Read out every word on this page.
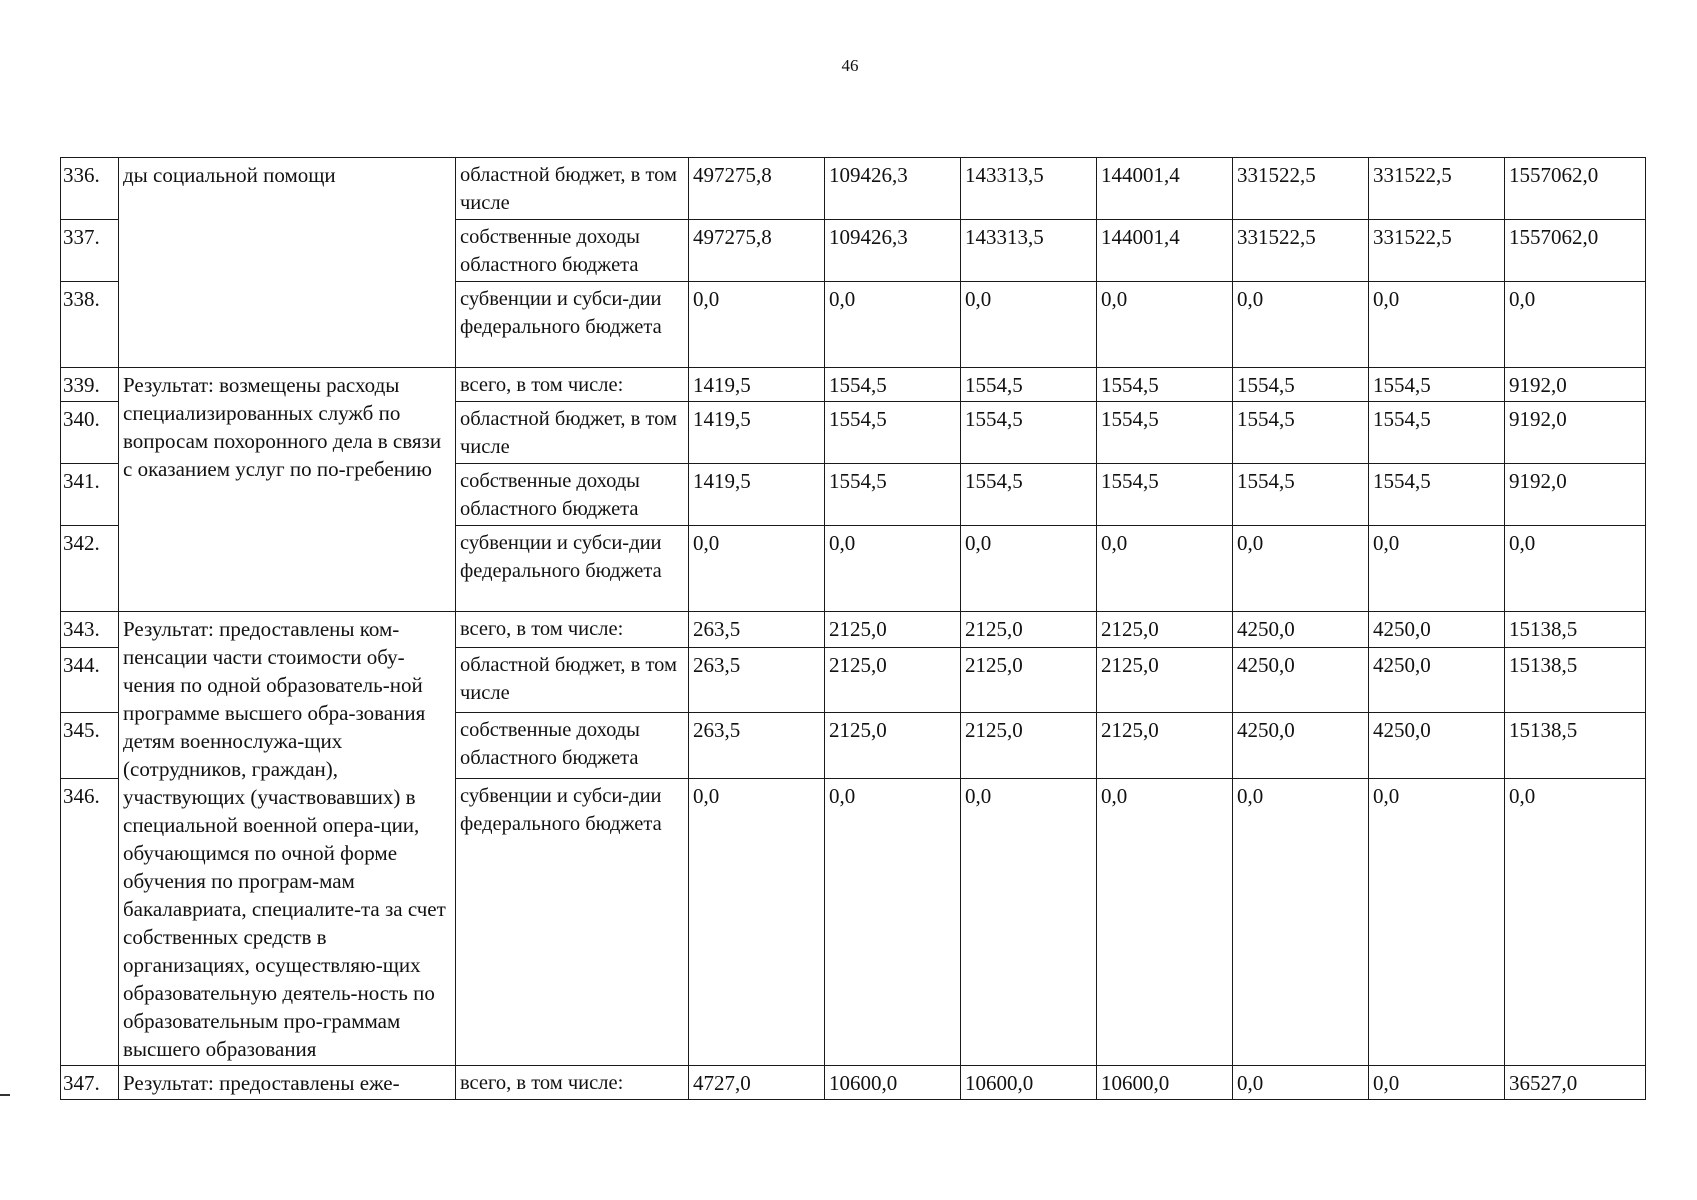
46
336.	ды социальной помощи	областной бюджет, в том числе	497275,8	109426,3	143313,5	144001,4	331522,5	331522,5	1557062,0
337.		собственные доходы областного бюджета	497275,8	109426,3	143313,5	144001,4	331522,5	331522,5	1557062,0
338.		субвенции и субси-дии федерального бюджета	0,0	0,0	0,0	0,0	0,0	0,0	0,0
339.	Результат: возмещены расходы специализированных служб по вопросам похоронного дела в связи с оказанием услуг по по-гребению	всего, в том числе:	1419,5	1554,5	1554,5	1554,5	1554,5	1554,5	9192,0
340.		областной бюджет, в том числе	1419,5	1554,5	1554,5	1554,5	1554,5	1554,5	9192,0
341.		собственные доходы областного бюджета	1419,5	1554,5	1554,5	1554,5	1554,5	1554,5	9192,0
342.		субвенции и субси-дии федерального бюджета	0,0	0,0	0,0	0,0	0,0	0,0	0,0
343.	Результат: предоставлены ком-пенсации части стоимости обу-чения по одной образователь-ной программе высшего обра-зования детям военнослужа-щих (сотрудников, граждан), участвующих (участвовавших) в специальной военной опера-ции, обучающимся по очной форме обучения по програм-мам бакалавриата, специалите-та за счет собственных средств в организациях, осуществляю-щих образовательную деятель-ность по образовательным про-граммам высшего образования	всего, в том числе:	263,5	2125,0	2125,0	2125,0	4250,0	4250,0	15138,5
344.		областной бюджет, в том числе	263,5	2125,0	2125,0	2125,0	4250,0	4250,0	15138,5
345.		собственные доходы областного бюджета	263,5	2125,0	2125,0	2125,0	4250,0	4250,0	15138,5
346.		субвенции и субси-дии федерального бюджета	0,0	0,0	0,0	0,0	0,0	0,0	0,0
347.	Результат: предоставлены еже-	всего, в том числе:	4727,0	10600,0	10600,0	10600,0	0,0	0,0	36527,0
